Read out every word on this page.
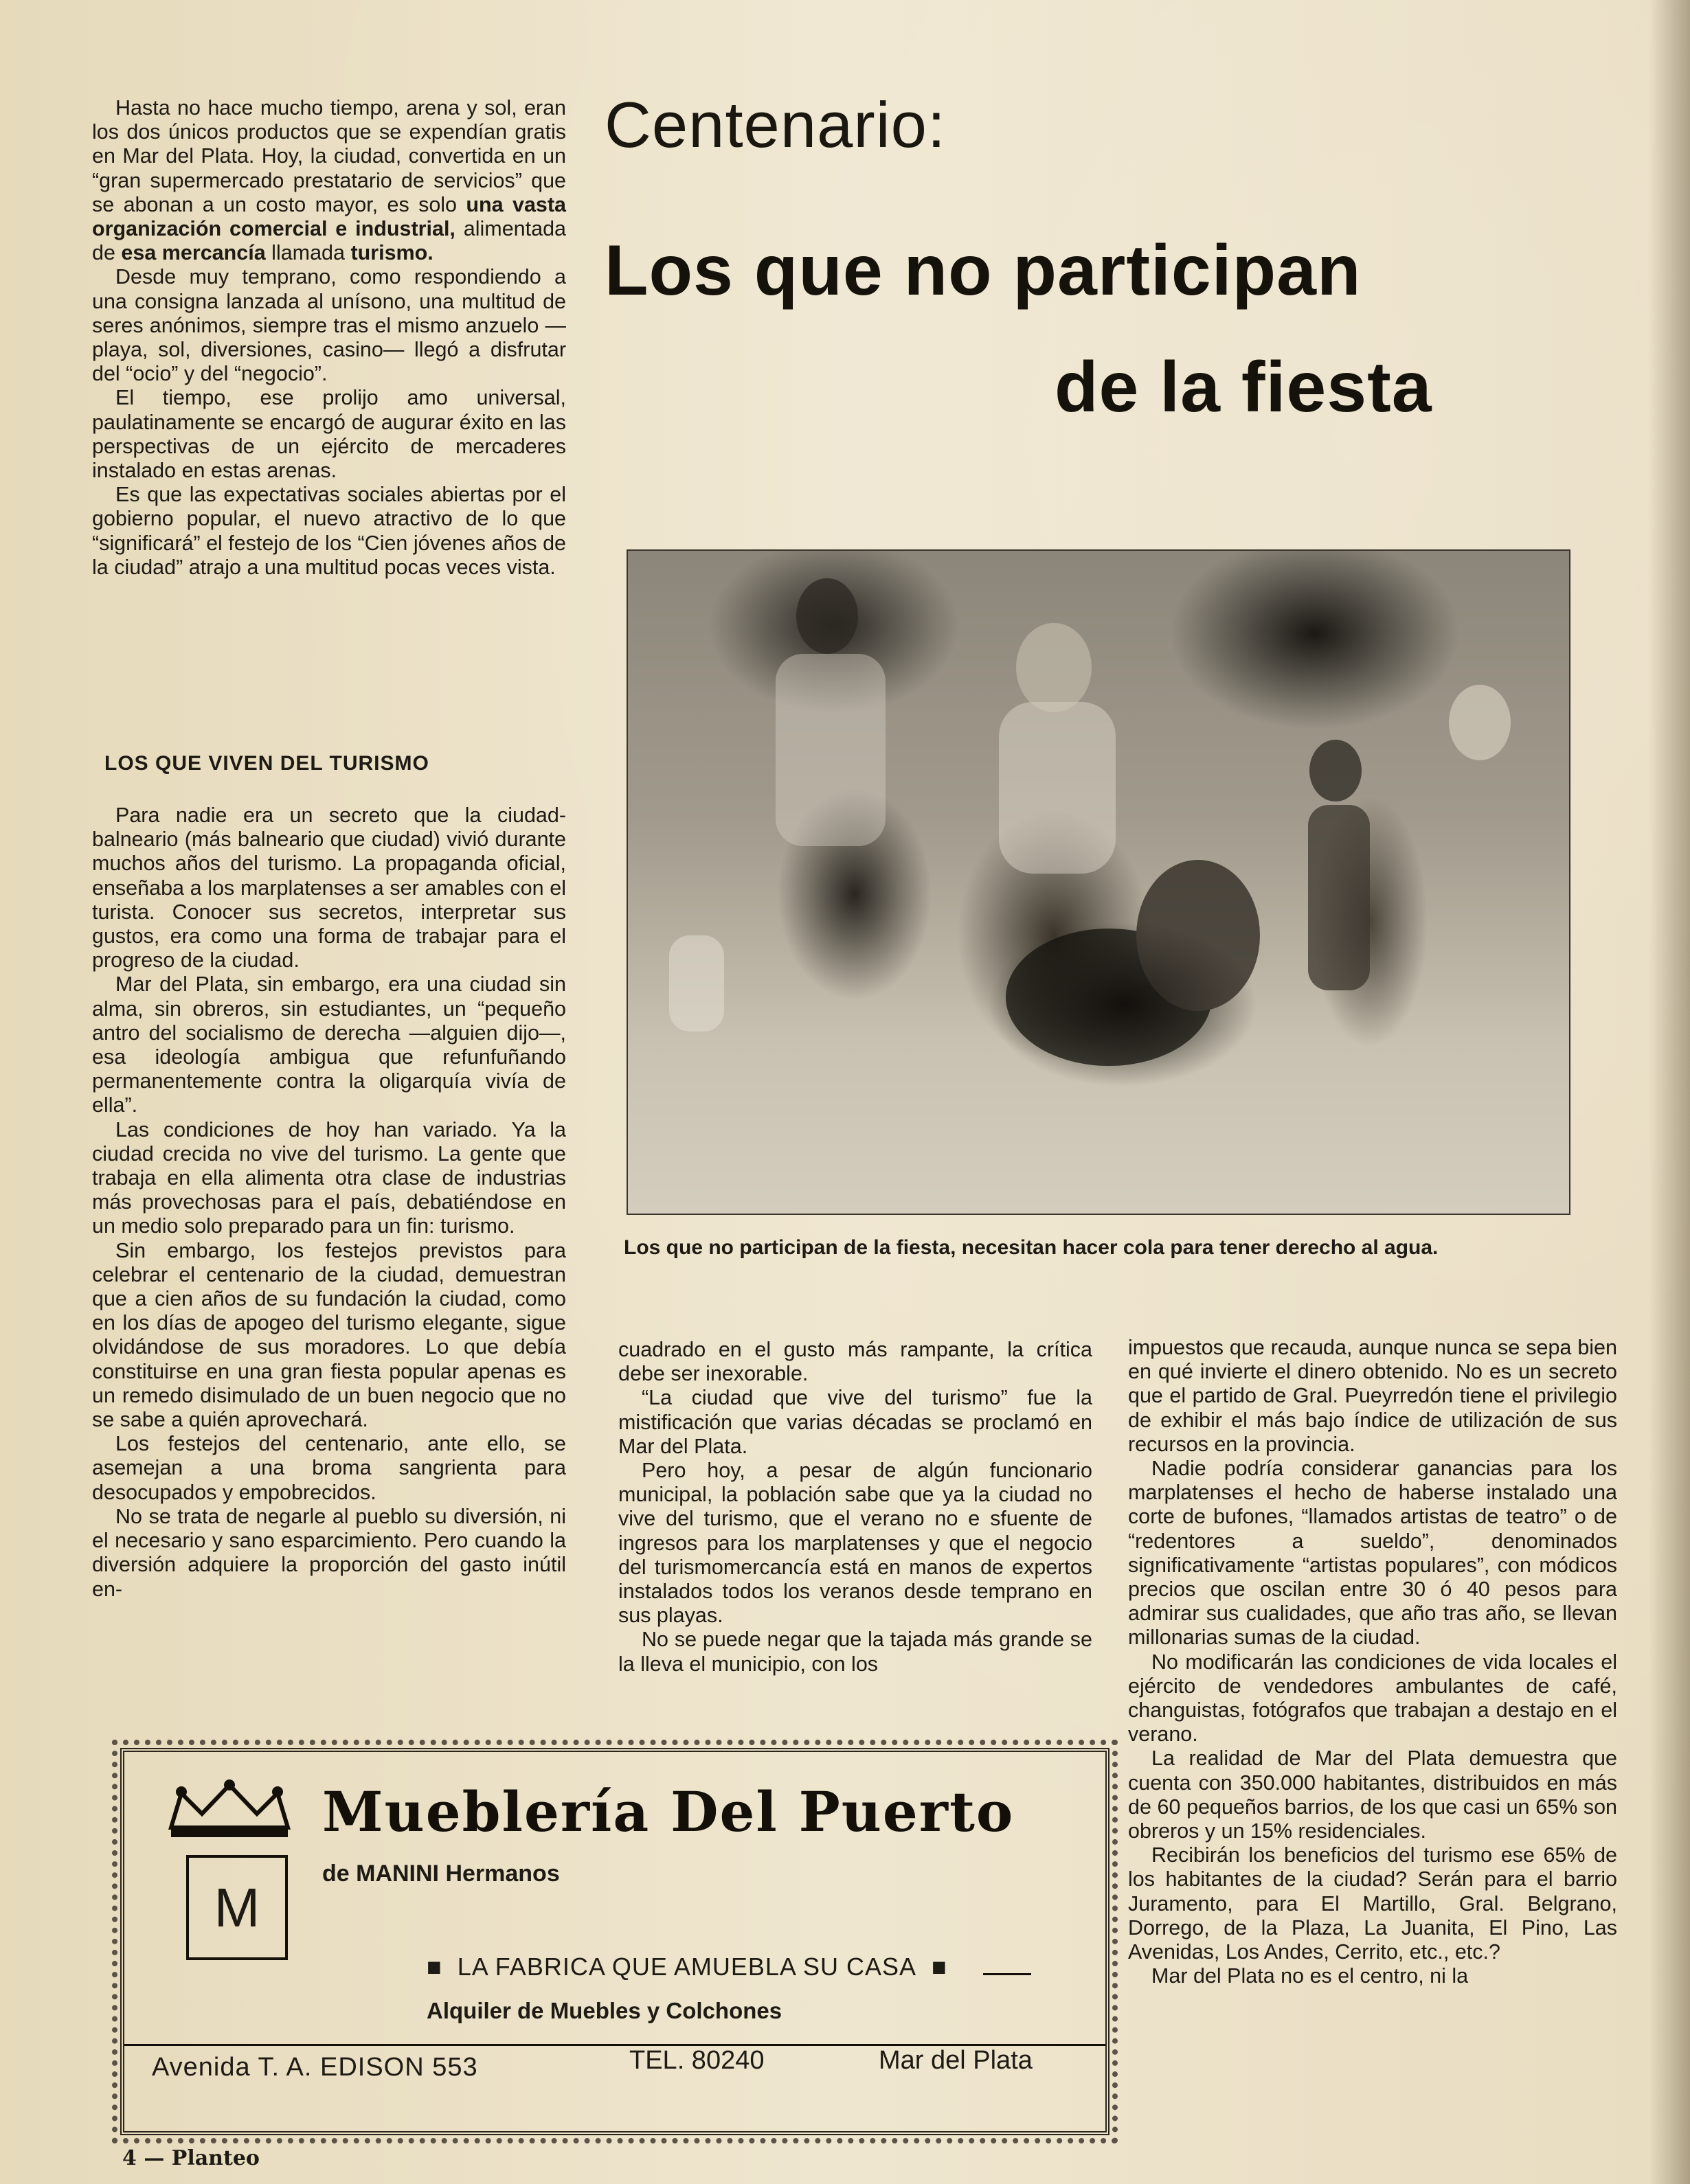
Centenario:
Los que no participan
de la fiesta

Hasta no hace mucho tiempo, arena y sol, eran los dos únicos productos que se expendían gratis en Mar del Plata. Hoy, la ciudad, convertida en un “gran supermercado prestatario de servicios” que se abonan a un costo mayor, es solo una vasta organización comercial e industrial, alimentada de esa mercancía llamada turismo.

Desde muy temprano, como respondiendo a una consigna lanzada al unísono, una multitud de seres anónimos, siempre tras el mismo anzuelo —playa, sol, diversiones, casino— llegó a disfrutar del “ocio” y del “negocio”.

El tiempo, ese prolijo amo universal, paulatinamente se encargó de augurar éxito en las perspectivas de un ejército de mercaderes instalado en estas arenas.

Es que las expectativas sociales abiertas por el gobierno popular, el nuevo atractivo de lo que “significará” el festejo de los “Cien jóvenes años de la ciudad” atrajo a una multitud pocas veces vista.

LOS QUE VIVEN DEL TURISMO

Para nadie era un secreto que la ciudad-balneario (más balneario que ciudad) vivió durante muchos años del turismo. La propaganda oficial, enseñaba a los marplatenses a ser amables con el turista. Conocer sus secretos, interpretar sus gustos, era como una forma de trabajar para el progreso de la ciudad.

Mar del Plata, sin embargo, era una ciudad sin alma, sin obreros, sin estudiantes, un “pequeño antro del socialismo de derecha —alguien dijo—, esa ideología ambigua que refunfuñando permanentemente contra la oligarquía vivía de ella”.

Las condiciones de hoy han variado. Ya la ciudad crecida no vive del turismo. La gente que trabaja en ella alimenta otra clase de industrias más provechosas para el país, debatiéndose en un medio solo preparado para un fin: turismo.

Sin embargo, los festejos previstos para celebrar el centenario de la ciudad, demuestran que a cien años de su fundación la ciudad, como en los días de apogeo del turismo elegante, sigue olvidándose de sus moradores. Lo que debía constituirse en una gran fiesta popular apenas es un remedo disimulado de un buen negocio que no se sabe a quién aprovechará.

Los festejos del centenario, ante ello, se asemejan a una broma sangrienta para desocupados y empobrecidos.

No se trata de negarle al pueblo su diversión, ni el necesario y sano esparcimiento. Pero cuando la diversión adquiere la proporción del gasto inútil en-

Los que no participan de la fiesta, necesitan hacer cola para tener derecho al agua.

cuadrado en el gusto más rampante, la crítica debe ser inexorable.

“La ciudad que vive del turismo” fue la mistificación que varias décadas se proclamó en Mar del Plata.

Pero hoy, a pesar de algún funcionario municipal, la población sabe que ya la ciudad no vive del turismo, que el verano no e sfuente de ingresos para los marplatenses y que el negocio del turismomercancía está en manos de expertos instalados todos los veranos desde temprano en sus playas.

No se puede negar que la tajada más grande se la lleva el municipio, con los

impuestos que recauda, aunque nunca se sepa bien en qué invierte el dinero obtenido. No es un secreto que el partido de Gral. Pueyrredón tiene el privilegio de exhibir el más bajo índice de utilización de sus recursos en la provincia.

Nadie podría considerar ganancias para los marplatenses el hecho de haberse instalado una corte de bufones, “llamados artistas de teatro” o de “redentores a sueldo”, denominados significativamente “artistas populares”, con módicos precios que oscilan entre 30 ó 40 pesos para admirar sus cualidades, que año tras año, se llevan millonarias sumas de la ciudad.

No modificarán las condiciones de vida locales el ejército de vendedores ambulantes de café, changuistas, fotógrafos que trabajan a destajo en el verano.

La realidad de Mar del Plata demuestra que cuenta con 350.000 habitantes, distribuidos en más de 60 pequeños barrios, de los que casi un 65% son obreros y un 15% residenciales.

Recibirán los beneficios del turismo ese 65% de los habitantes de la ciudad? Serán para el barrio Juramento, para El Martillo, Gral. Belgrano, Dorrego, de la Plaza, La Juanita, El Pino, Las Avenidas, Los Andes, Cerrito, etc., etc.?

Mar del Plata no es el centro, ni la

Mueblería Del Puerto
M
de MANINI Hermanos
■  LA FABRICA QUE AMUEBLA SU CASA  ■
Alquiler de Muebles y Colchones
Avenida T. A. EDISON 553	TEL. 80240	Mar del Plata
4 — Planteo
